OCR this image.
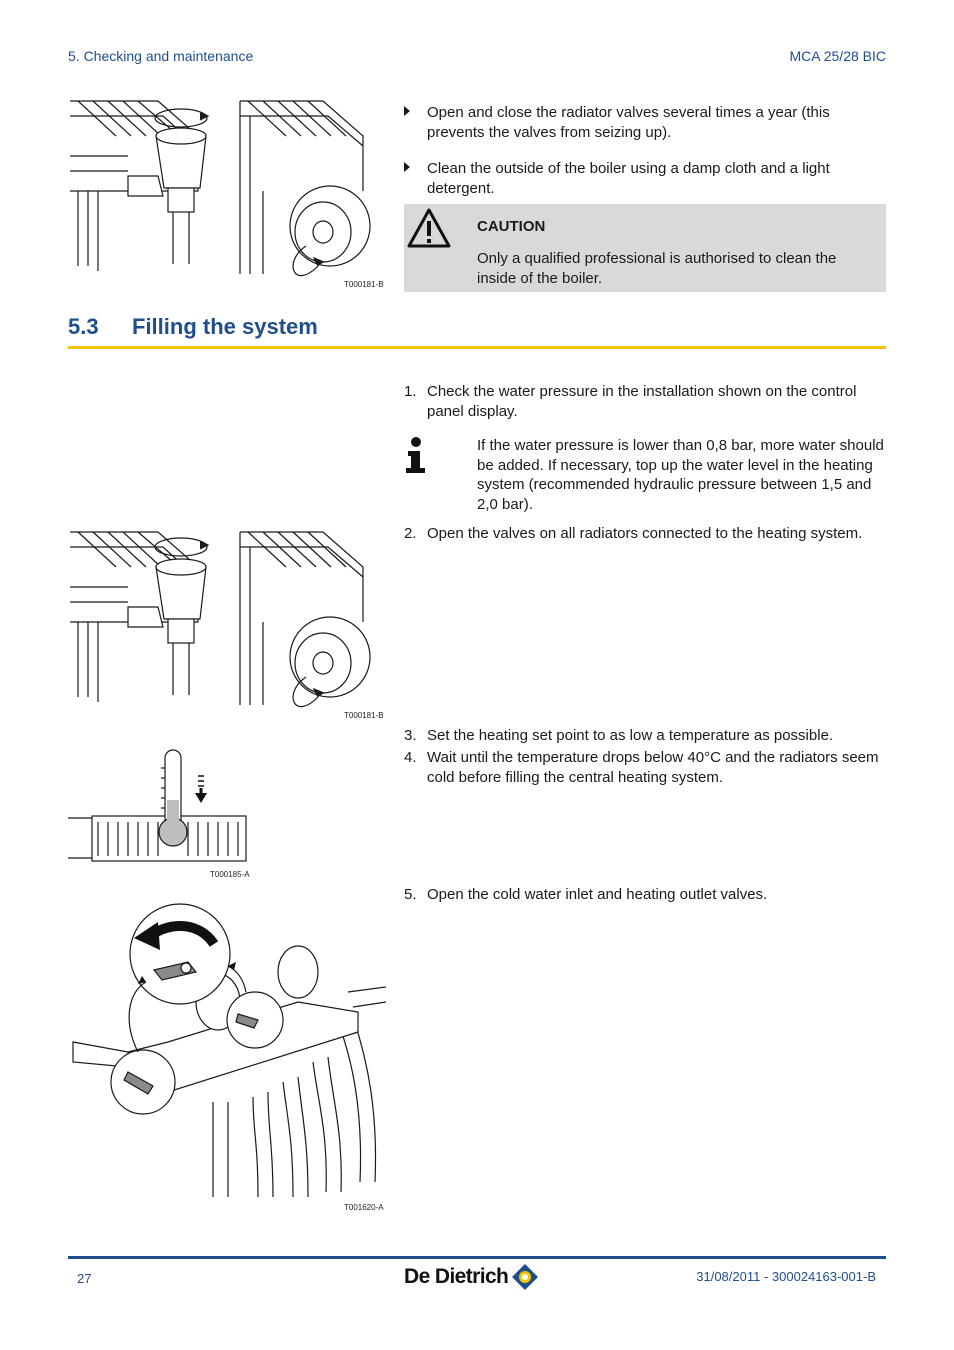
5. Checking and maintenance	MCA 25/28 BIC
T000181-B
Open and close the radiator valves several times a year (this prevents the valves from seizing up).
Clean the outside of the boiler using a damp cloth and a light detergent.
CAUTION
Only a qualified professional is authorised to clean the inside of the boiler.
5.3 Filling the system
1. Check the water pressure in the installation shown on the control panel display.
If the water pressure is lower than 0,8 bar, more water should be added. If necessary, top up the water level in the heating system (recommended hydraulic pressure between 1,5 and 2,0 bar).
2. Open the valves on all radiators connected to the heating system.
T000181-B
3. Set the heating set point to as low a temperature as possible.
4. Wait until the temperature drops below 40°C and the radiators seem cold before filling the central heating system.
T000185-A
5. Open the cold water inlet and heating outlet valves.
T001620-A
27	De Dietrich	31/08/2011 - 300024163-001-B
